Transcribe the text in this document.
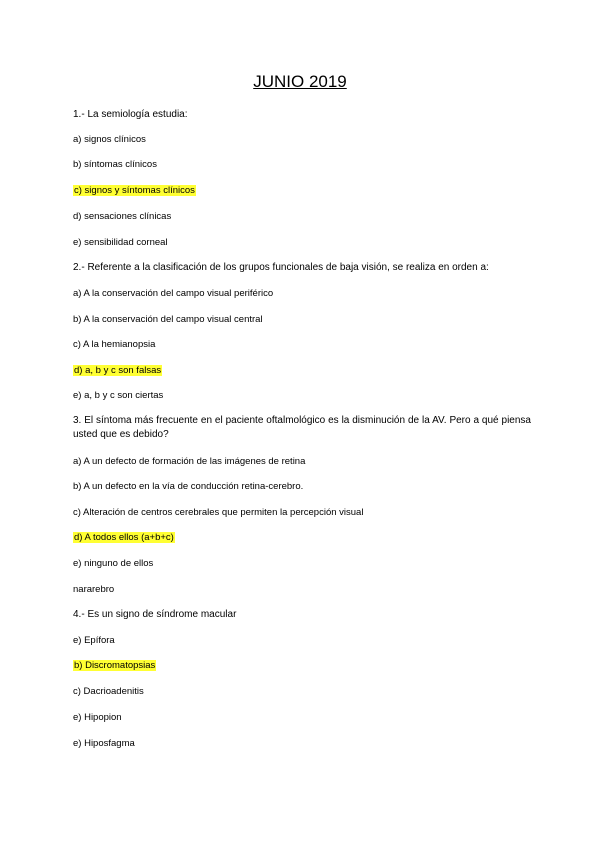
JUNIO 2019
1.- La semiología estudia:
a) signos clínicos
b) síntomas clínicos
c) signos y síntomas clínicos
d) sensaciones clínicas
e) sensibilidad corneal
2.- Referente a la clasificación de los grupos funcionales de baja visión, se realiza en orden a:
a) A la conservación del campo visual periférico
b) A la conservación del campo visual central
c) A la hemianopsia
d) a, b y c son falsas
e) a, b y c son ciertas
3. El síntoma más frecuente en el paciente oftalmológico es la disminución de la AV. Pero a qué piensa usted que es debido?
a) A un defecto de formación de las imágenes de retina
b) A un defecto en la vía de conducción retina-cerebro.
c) Alteración de centros cerebrales que permiten la percepción visual
d) A todos ellos (a+b+c)
e) ninguno de ellos
nararebro
4.- Es un signo de síndrome macular
e) Epífora
b) Discromatopsias
c) Dacrioadenitis
e) Hipopion
e) Hiposfagma
